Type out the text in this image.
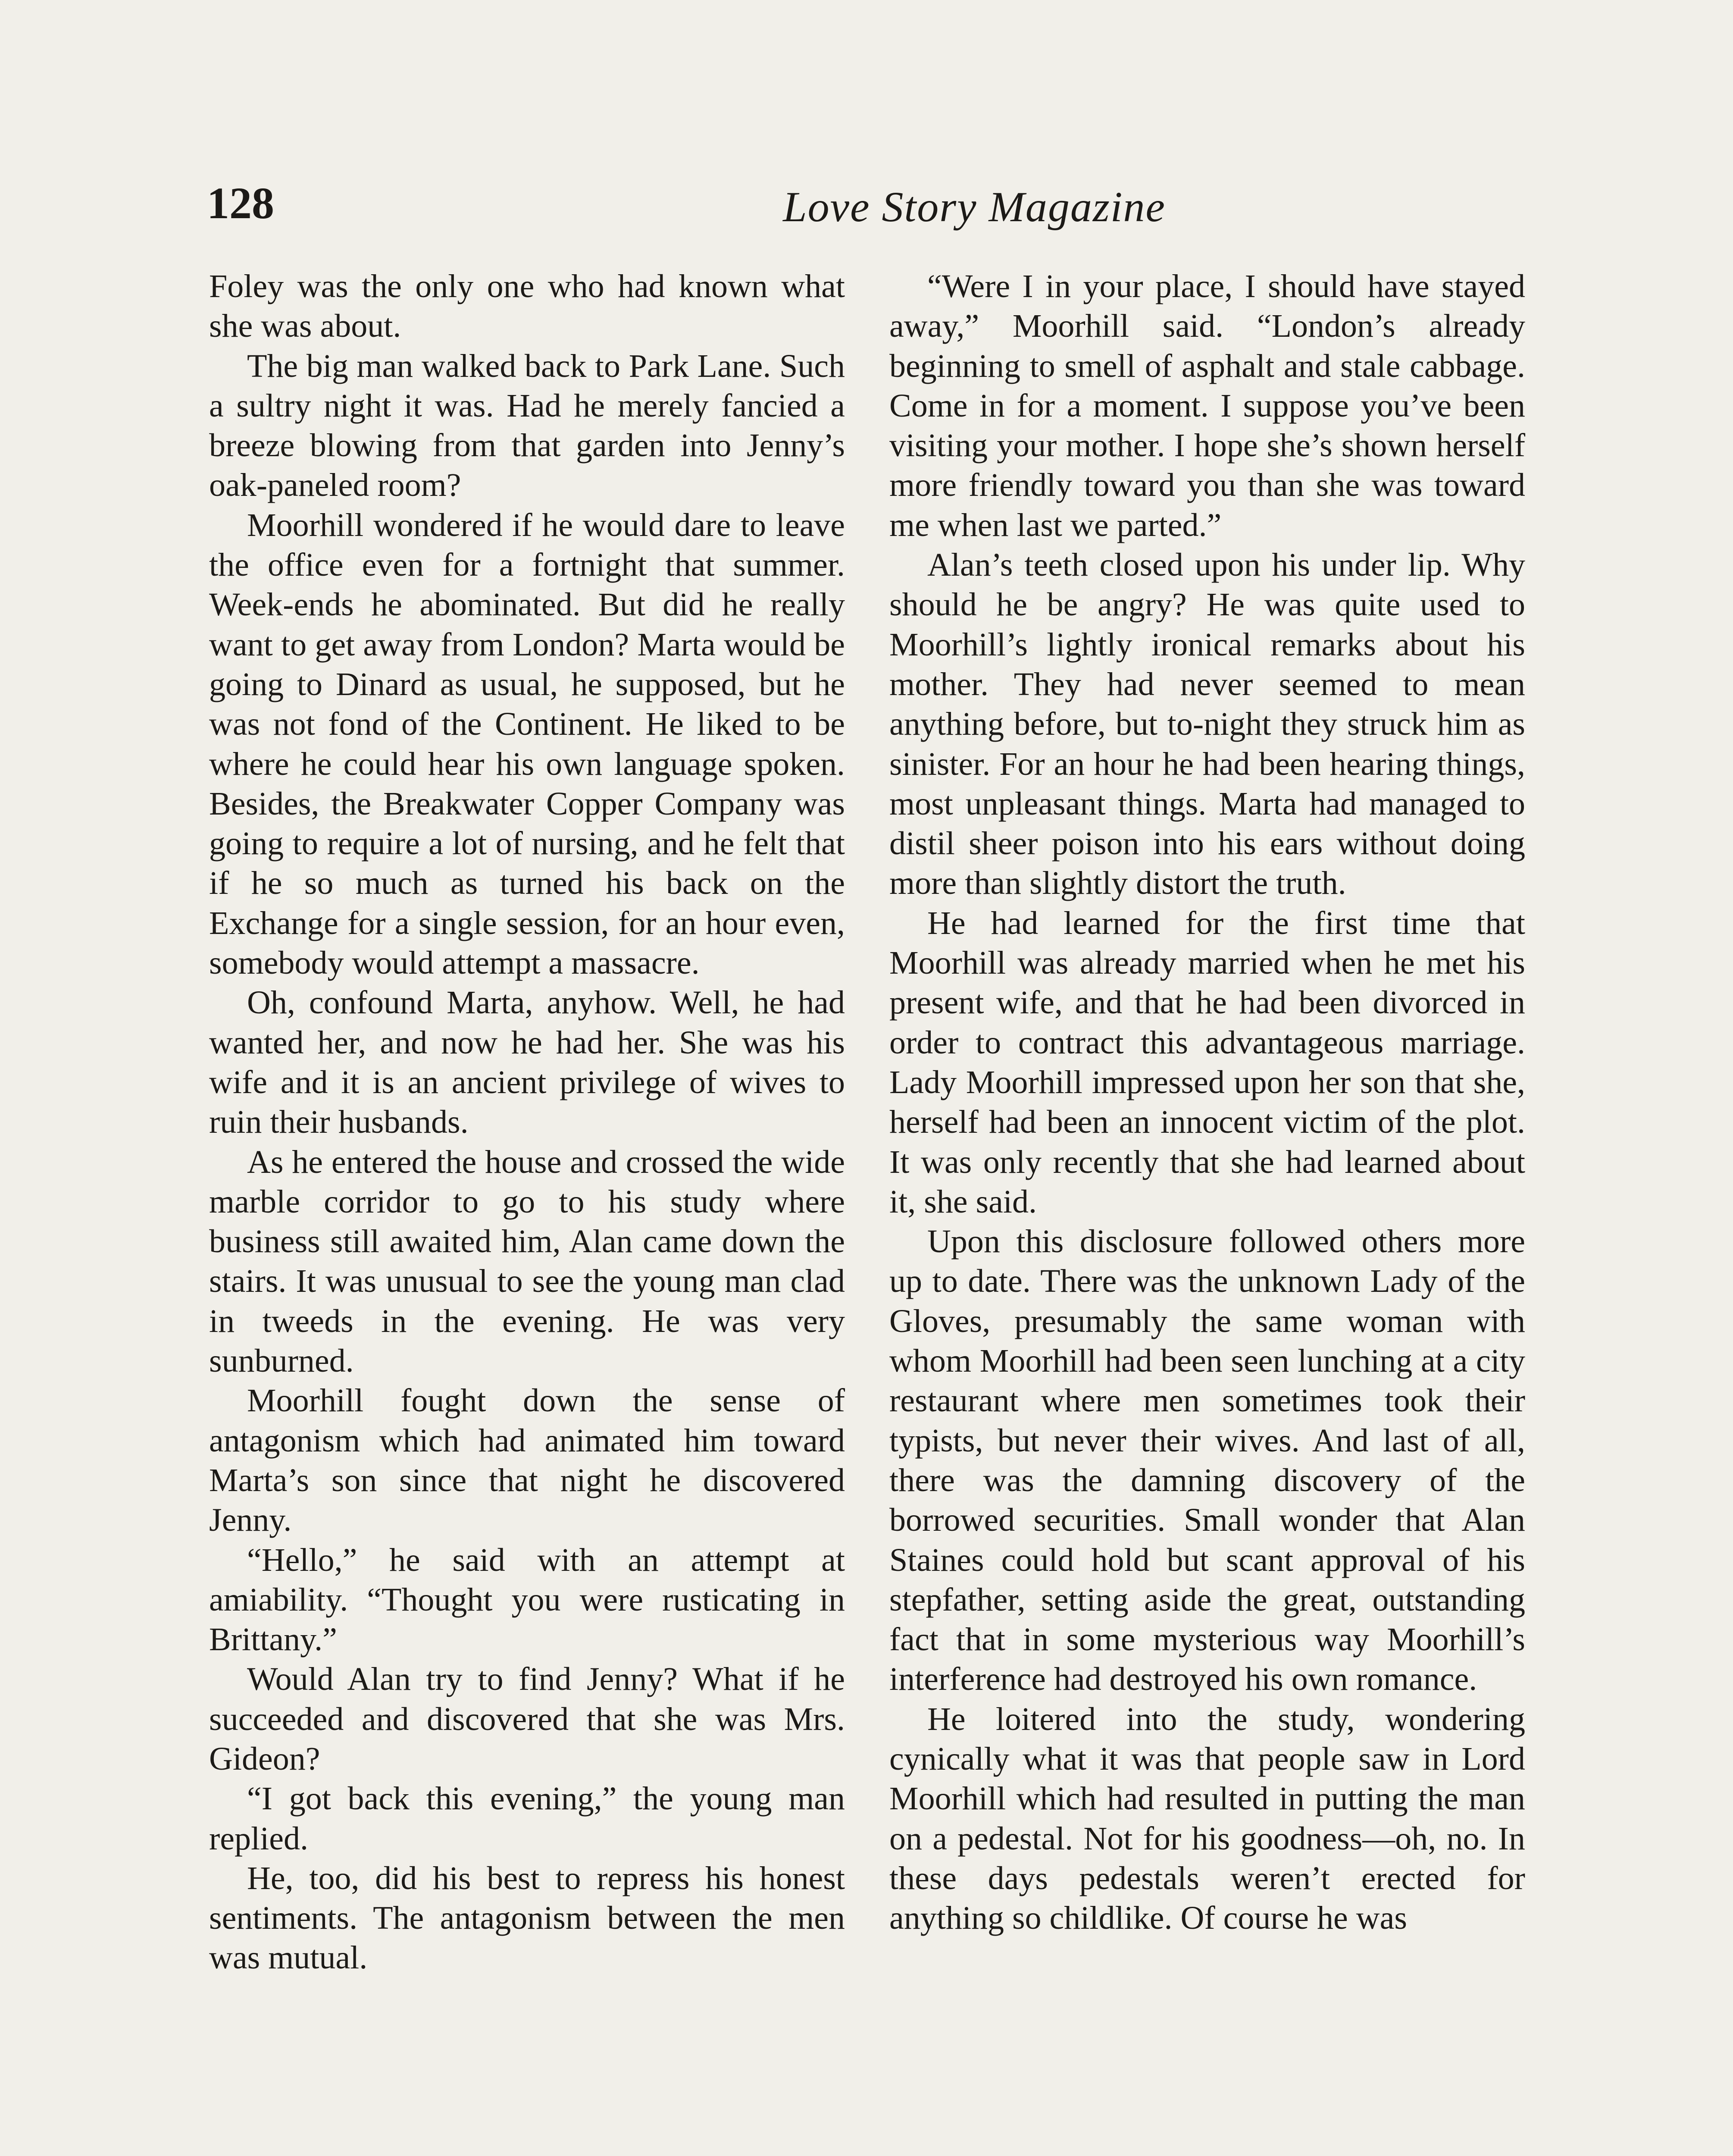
128	Love Story Magazine

Foley was the only one who had known what she was about.

The big man walked back to Park Lane. Such a sultry night it was. Had he merely fancied a breeze blowing from that garden into Jenny’s oak-paneled room?

Moorhill wondered if he would dare to leave the office even for a fortnight that summer. Week-ends he abominated. But did he really want to get away from London? Marta would be going to Dinard as usual, he supposed, but he was not fond of the Continent. He liked to be where he could hear his own language spoken. Besides, the Breakwater Copper Company was going to require a lot of nursing, and he felt that if he so much as turned his back on the Exchange for a single session, for an hour even, somebody would attempt a massacre.

Oh, confound Marta, anyhow. Well, he had wanted her, and now he had her. She was his wife and it is an ancient privilege of wives to ruin their husbands.

As he entered the house and crossed the wide marble corridor to go to his study where business still awaited him, Alan came down the stairs. It was unusual to see the young man clad in tweeds in the evening. He was very sunburned.

Moorhill fought down the sense of antagonism which had animated him toward Marta’s son since that night he discovered Jenny.

“Hello,” he said with an attempt at amiability. “Thought you were rusticating in Brittany.”

Would Alan try to find Jenny? What if he succeeded and discovered that she was Mrs. Gideon?

“I got back this evening,” the young man replied.

He, too, did his best to repress his honest sentiments. The antagonism between the men was mutual.

“Were I in your place, I should have stayed away,” Moorhill said. “London’s already beginning to smell of asphalt and stale cabbage. Come in for a moment. I suppose you’ve been visiting your mother. I hope she’s shown herself more friendly toward you than she was toward me when last we parted.”

Alan’s teeth closed upon his under lip. Why should he be angry? He was quite used to Moorhill’s lightly ironical remarks about his mother. They had never seemed to mean anything before, but to-night they struck him as sinister. For an hour he had been hearing things, most unpleasant things. Marta had managed to distil sheer poison into his ears without doing more than slightly distort the truth.

He had learned for the first time that Moorhill was already married when he met his present wife, and that he had been divorced in order to contract this advantageous marriage. Lady Moorhill impressed upon her son that she, herself had been an innocent victim of the plot. It was only recently that she had learned about it, she said.

Upon this disclosure followed others more up to date. There was the unknown Lady of the Gloves, presumably the same woman with whom Moorhill had been seen lunching at a city restaurant where men sometimes took their typists, but never their wives. And last of all, there was the damning discovery of the borrowed securities. Small wonder that Alan Staines could hold but scant approval of his stepfather, setting aside the great, outstanding fact that in some mysterious way Moorhill’s interference had destroyed his own romance.

He loitered into the study, wondering cynically what it was that people saw in Lord Moorhill which had resulted in putting the man on a pedestal. Not for his goodness—oh, no. In these days pedestals weren’t erected for anything so childlike. Of course he was
